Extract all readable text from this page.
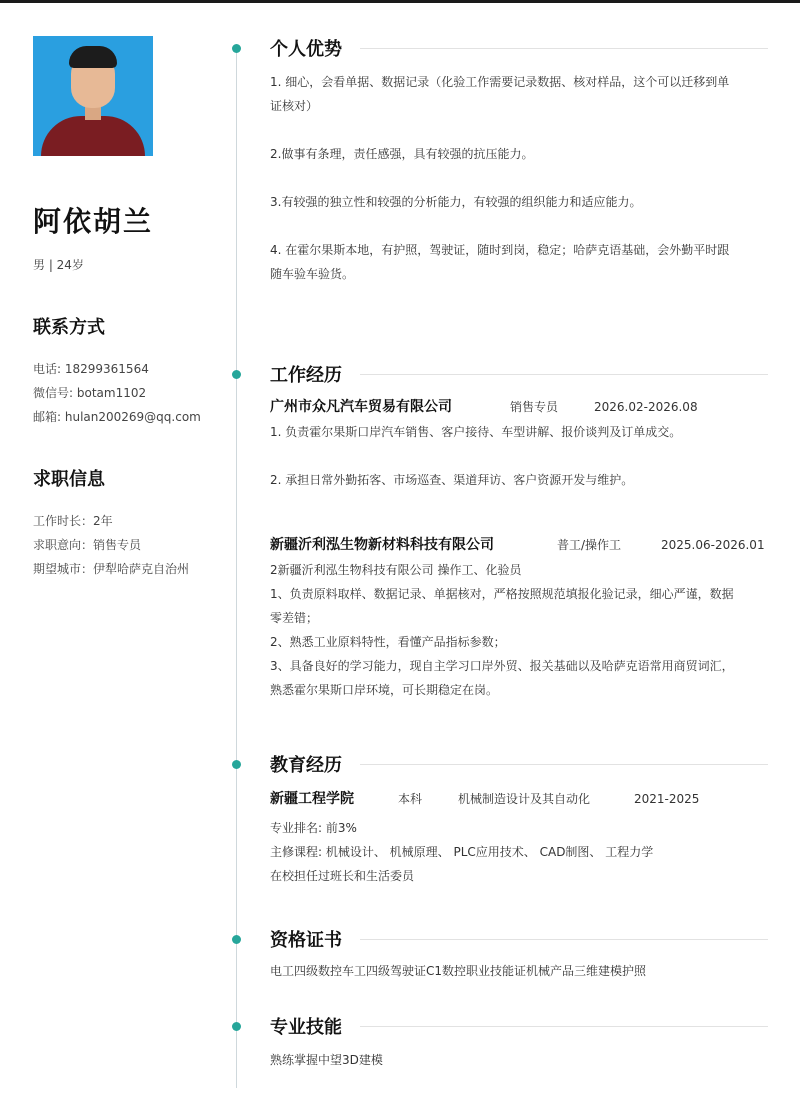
阿依胡兰
男 | 24岁
联系方式
电话: 18299361564
微信号: botam1102
邮箱: hulan200269@qq.com
求职信息
工作时长：2年
求职意向：销售专员
期望城市：伊犁哈萨克自治州
个人优势
1. 细心，会看单据、数据记录（化验工作需要记录数据、核对样品，这个可以迁移到单
证核对）
2.做事有条理，责任感强，具有较强的抗压能力。
3.有较强的独立性和较强的分析能力，有较强的组织能力和适应能力。
4. 在霍尔果斯本地，有护照，驾驶证，随时到岗，稳定；哈萨克语基础，会外勤平时跟
随车验车验货。
工作经历
广州市众凡汽车贸易有限公司	销售专员	2026.02-2026.08
1. 负责霍尔果斯口岸汽车销售、客户接待、车型讲解、报价谈判及订单成交。
2. 承担日常外勤拓客、市场巡查、渠道拜访、客户资源开发与维护。
新疆沂利泓生物新材料科技有限公司	普工/操作工	2025.06-2026.01
2新疆沂利泓生物科技有限公司 操作工、化验员
1、负责原料取样、数据记录、单据核对，严格按照规范填报化验记录，细心严谨，数据
零差错；
2、熟悉工业原料特性，看懂产品指标参数；
3、具备良好的学习能力，现自主学习口岸外贸、报关基础以及哈萨克语常用商贸词汇，
熟悉霍尔果斯口岸环境，可长期稳定在岗。
教育经历
新疆工程学院	本科	机械制造设计及其自动化	2021-2025
专业排名: 前3%
主修课程: 机械设计、 机械原理、 PLC应用技术、 CAD制图、 工程力学
在校担任过班长和生活委员
资格证书
电工四级数控车工四级驾驶证C1数控职业技能证机械产品三维建模护照
专业技能
熟练掌握中望3D建模
